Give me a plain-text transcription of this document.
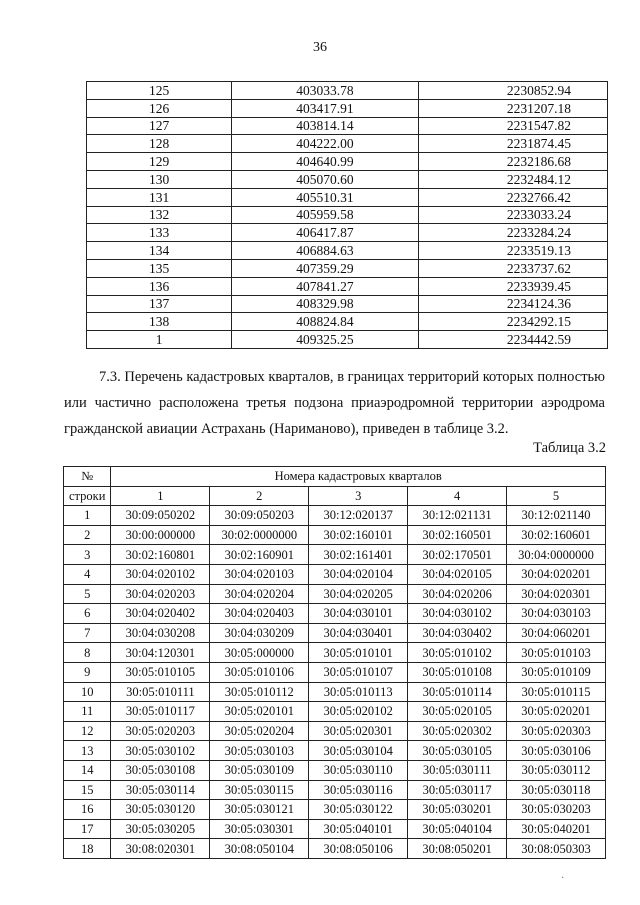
36
125	403033.78	2230852.94
126	403417.91	2231207.18
127	403814.14	2231547.82
128	404222.00	2231874.45
129	404640.99	2232186.68
130	405070.60	2232484.12
131	405510.31	2232766.42
132	405959.58	2233033.24
133	406417.87	2233284.24
134	406884.63	2233519.13
135	407359.29	2233737.62
136	407841.27	2233939.45
137	408329.98	2234124.36
138	408824.84	2234292.15
1	409325.25	2234442.59

7.3. Перечень кадастровых кварталов, в границах территорий которых полностью или частично расположена третья подзона приаэродромной территории аэродрома гражданской авиации Астрахань (Нариманово), приведен в таблице 3.2.

Таблица 3.2
№	Номера кадастровых кварталов				
строки	1	2	3	4	5
1	30:09:050202	30:09:050203	30:12:020137	30:12:021131	30:12:021140
2	30:00:000000	30:02:0000000	30:02:160101	30:02:160501	30:02:160601
3	30:02:160801	30:02:160901	30:02:161401	30:02:170501	30:04:0000000
4	30:04:020102	30:04:020103	30:04:020104	30:04:020105	30:04:020201
5	30:04:020203	30:04:020204	30:04:020205	30:04:020206	30:04:020301
6	30:04:020402	30:04:020403	30:04:030101	30:04:030102	30:04:030103
7	30:04:030208	30:04:030209	30:04:030401	30:04:030402	30:04:060201
8	30:04:120301	30:05:000000	30:05:010101	30:05:010102	30:05:010103
9	30:05:010105	30:05:010106	30:05:010107	30:05:010108	30:05:010109
10	30:05:010111	30:05:010112	30:05:010113	30:05:010114	30:05:010115
11	30:05:010117	30:05:020101	30:05:020102	30:05:020105	30:05:020201
12	30:05:020203	30:05:020204	30:05:020301	30:05:020302	30:05:020303
13	30:05:030102	30:05:030103	30:05:030104	30:05:030105	30:05:030106
14	30:05:030108	30:05:030109	30:05:030110	30:05:030111	30:05:030112
15	30:05:030114	30:05:030115	30:05:030116	30:05:030117	30:05:030118
16	30:05:030120	30:05:030121	30:05:030122	30:05:030201	30:05:030203
17	30:05:030205	30:05:030301	30:05:040101	30:05:040104	30:05:040201
18	30:08:020301	30:08:050104	30:08:050106	30:08:050201	30:08:050303
.
